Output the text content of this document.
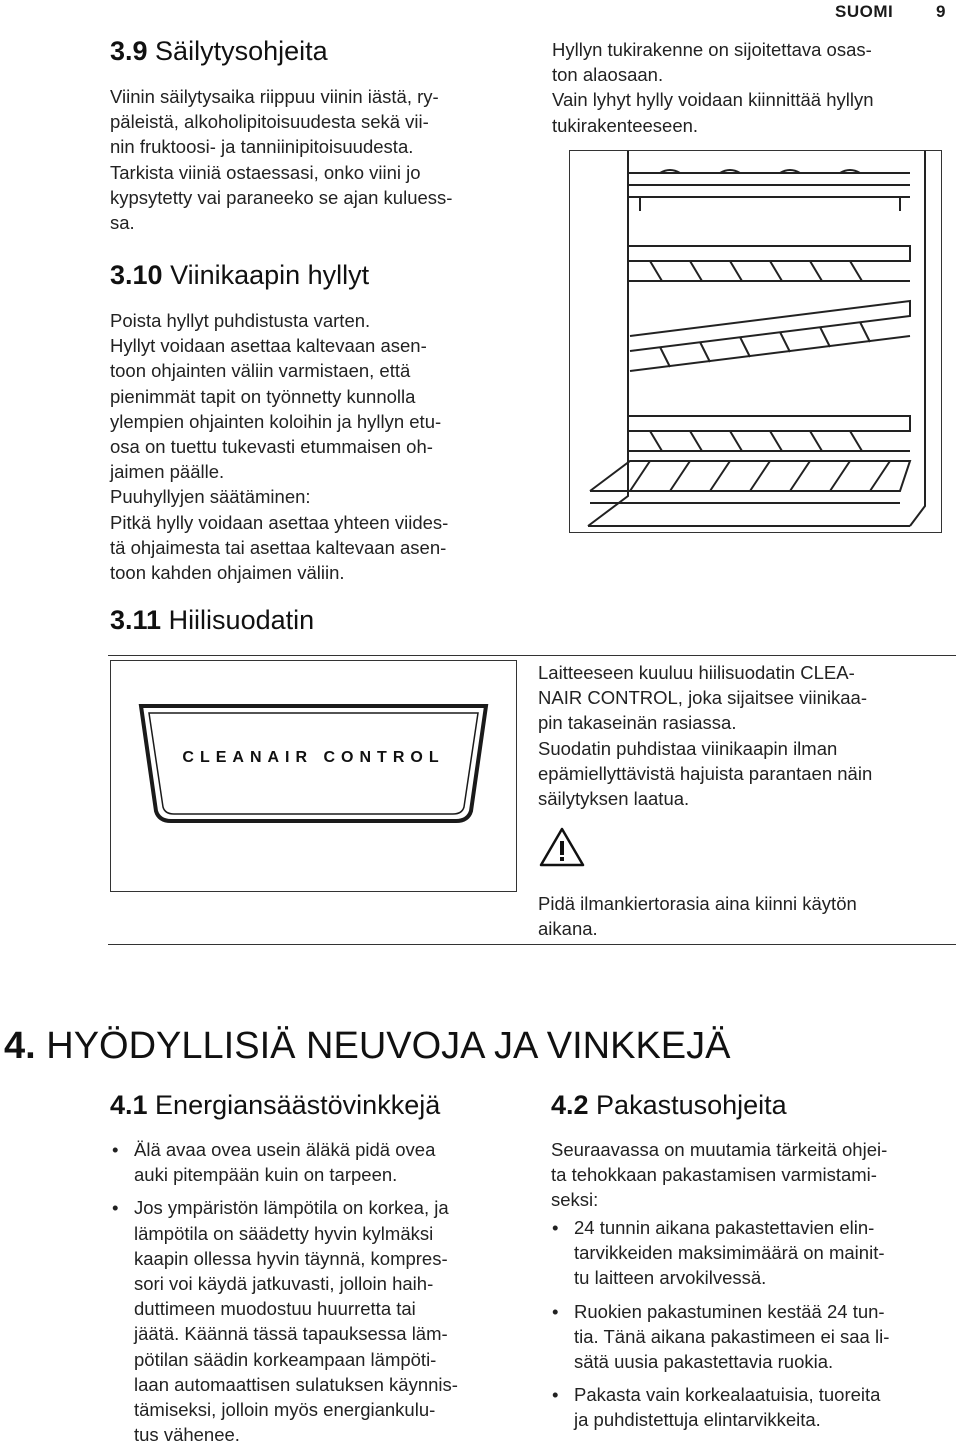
SUOMI	9
3.9 Säilytysohjeita
Viinin säilytysaika riippuu viinin iästä, ry-
päleistä, alkoholipitoisuudesta sekä vii-
nin fruktoosi- ja tanniinipitoisuudesta.
Tarkista viiniä ostaessasi, onko viini jo
kypsytetty vai paraneeko se ajan kuluess-
sa.
Hyllyn tukirakenne on sijoitettava osas-
ton alaosaan.
Vain lyhyt hylly voidaan kiinnittää hyllyn
tukirakenteeseen.
3.10 Viinikaapin hyllyt
Poista hyllyt puhdistusta varten.
Hyllyt voidaan asettaa kaltevaan asen-
toon ohjainten väliin varmistaen, että
pienimmät tapit on työnnetty kunnolla
ylempien ohjainten koloihin ja hyllyn etu-
osa on tuettu tukevasti etummaisen oh-
jaimen päälle.
Puuhyllyjen säätäminen:
Pitkä hylly voidaan asettaa yhteen viides-
tä ohjaimesta tai asettaa kaltevaan asen-
toon kahden ohjaimen väliin.
3.11 Hiilisuodatin
CLEANAIR CONTROL
Laitteeseen kuuluu hiilisuodatin CLEA-
NAIR CONTROL, joka sijaitsee viinikaa-
pin takaseinän rasiassa.
Suodatin puhdistaa viinikaapin ilman
epämiellyttävistä hajuista parantaen näin
säilytyksen laatua.
Pidä ilmankiertorasia aina kiinni käytön
aikana.
4. HYÖDYLLISIÄ NEUVOJA JA VINKKEJÄ
4.1 Energiansäästövinkkejä
• Älä avaa ovea usein äläkä pidä ovea
auki pitempään kuin on tarpeen.
• Jos ympäristön lämpötila on korkea, ja
lämpötila on säädetty hyvin kylmäksi
kaapin ollessa hyvin täynnä, kompres-
sori voi käydä jatkuvasti, jolloin haih-
duttimeen muodostuu huurretta tai
jäätä. Käännä tässä tapauksessa läm-
pötilan säädin korkeampaan lämpöti-
laan automaattisen sulatuksen käynnis-
tämiseksi, jolloin myös energiankulu-
tus vähenee.
4.2 Pakastusohjeita
Seuraavassa on muutamia tärkeitä ohjei-
ta tehokkaan pakastamisen varmistami-
seksi:
• 24 tunnin aikana pakastettavien elin-
tarvikkeiden maksimimäärä on mainit-
tu laitteen arvokilvessä.
• Ruokien pakastuminen kestää 24 tun-
tia. Tänä aikana pakastimeen ei saa li-
sätä uusia pakastettavia ruokia.
• Pakasta vain korkealaatuisia, tuoreita
ja puhdistettuja elintarvikkeita.
